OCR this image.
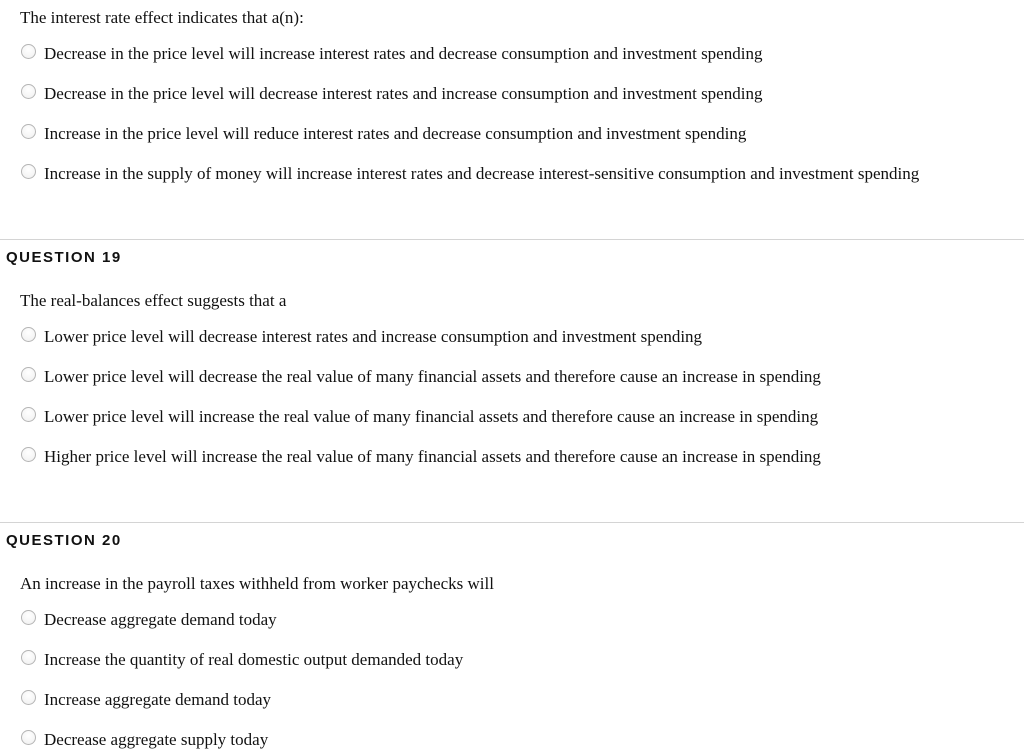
The interest rate effect indicates that a(n):
Decrease in the price level will increase interest rates and decrease consumption and investment spending
Decrease in the price level will decrease interest rates and increase consumption and investment spending
Increase in the price level will reduce interest rates and decrease consumption and investment spending
Increase in the supply of money will increase interest rates and decrease interest-sensitive consumption and investment spending
QUESTION 19
The real-balances effect suggests that a
Lower price level will decrease interest rates and increase consumption and investment spending
Lower price level will decrease the real value of many financial assets and therefore cause an increase in spending
Lower price level will increase the real value of many financial assets and therefore cause an increase in spending
Higher price level will increase the real value of many financial assets and therefore cause an increase in spending
QUESTION 20
An increase in the payroll taxes withheld from worker paychecks will
Decrease aggregate demand today
Increase the quantity of real domestic output demanded today
Increase aggregate demand today
Decrease aggregate supply today
